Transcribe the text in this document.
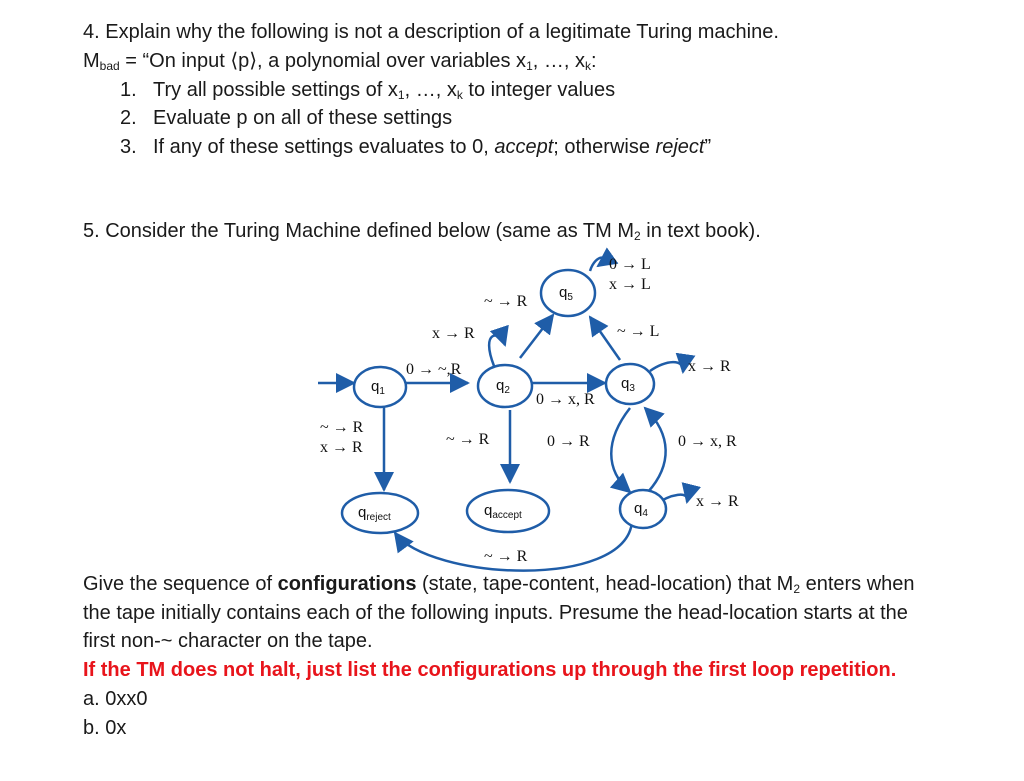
4. Explain why the following is not a description of a legitimate Turing machine.
$M_{bad}$ = “On input ⟨p⟩, a polynomial over variables $x_1$, …, $x_k$:
1. Try all possible settings of $x_1$, …, $x_k$ to integer values
2. Evaluate p on all of these settings
3. If any of these settings evaluates to 0, accept; otherwise reject”
5. Consider the Turing Machine defined below (same as TM $M_2$ in text book).
q1	q2	q3
q4
q5
qaccept
qreject
0 → ~,R
~ → R
x → R
x → R
~ → R
0 → x, R
~ → L
0 → L
x → L
~ → R
x → R
0 → R	0 → x, R
x → R
~ → R
Give the sequence of configurations (state, tape-content, head-location) that $M_2$ enters when
the tape initially contains each of the following inputs. Presume the head-location starts at the
first non-~ character on the tape.
If the TM does not halt, just list the configurations up through the first loop repetition.
a. 0xx0
b. 0x
